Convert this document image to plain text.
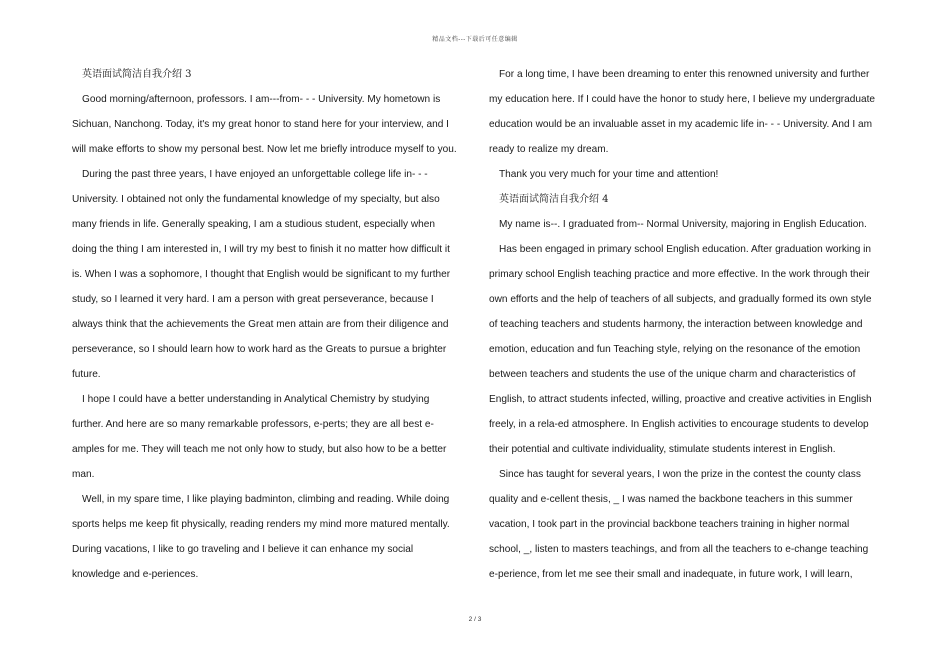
精品文档---下载后可任意编辑

英语面试简洁自我介绍 3

Good morning/afternoon, professors. I am---from- - - University. My hometown is Sichuan, Nanchong. Today, it's my great honor to stand here for your interview, and I will make efforts to show my personal best. Now let me briefly introduce myself to you.

During the past three years, I have enjoyed an unforgettable college life in- - - University. I obtained not only the fundamental knowledge of my specialty, but also many friends in life. Generally speaking, I am a studious student, especially when doing the thing I am interested in, I will try my best to finish it no matter how difficult it is. When I was a sophomore, I thought that English would be significant to my further study, so I learned it very hard. I am a person with great perseverance, because I always think that the achievements the Great men attain are from their diligence and perseverance, so I should learn how to work hard as the Greats to pursue a brighter future.

I hope I could have a better understanding in Analytical Chemistry by studying further. And here are so many remarkable professors, e-perts; they are all best e-amples for me. They will teach me not only how to study, but also how to be a better man.

Well, in my spare time, I like playing badminton, climbing and reading. While doing sports helps me keep fit physically, reading renders my mind more matured mentally. During vacations, I like to go traveling and I believe it can enhance my social knowledge and e-periences.

For a long time, I have been dreaming to enter this renowned university and further my education here. If I could have the honor to study here, I believe my undergraduate education would be an invaluable asset in my academic life in- - - University. And I am ready to realize my dream.

Thank you very much for your time and attention!

英语面试简洁自我介绍 4

My name is--. I graduated from-- Normal University, majoring in English Education.

Has been engaged in primary school English education. After graduation working in primary school English teaching practice and more effective. In the work through their own efforts and the help of teachers of all subjects, and gradually formed its own style of teaching teachers and students harmony, the interaction between knowledge and emotion, education and fun Teaching style, relying on the resonance of the emotion between teachers and students the use of the unique charm and characteristics of English, to attract students infected, willing, proactive and creative activities in English freely, in a rela-ed atmosphere. In English activities to encourage students to develop their potential and cultivate individuality, stimulate students interest in English.

Since has taught for several years, I won the prize in the contest the county class quality and e-cellent thesis, _ I was named the backbone teachers in this summer vacation, I took part in the provincial backbone teachers training in higher normal school, _, listen to masters teachings, and from all the teachers to e-change teaching e-perience, from let me see their small and inadequate, in future work, I will learn,

2 / 3
